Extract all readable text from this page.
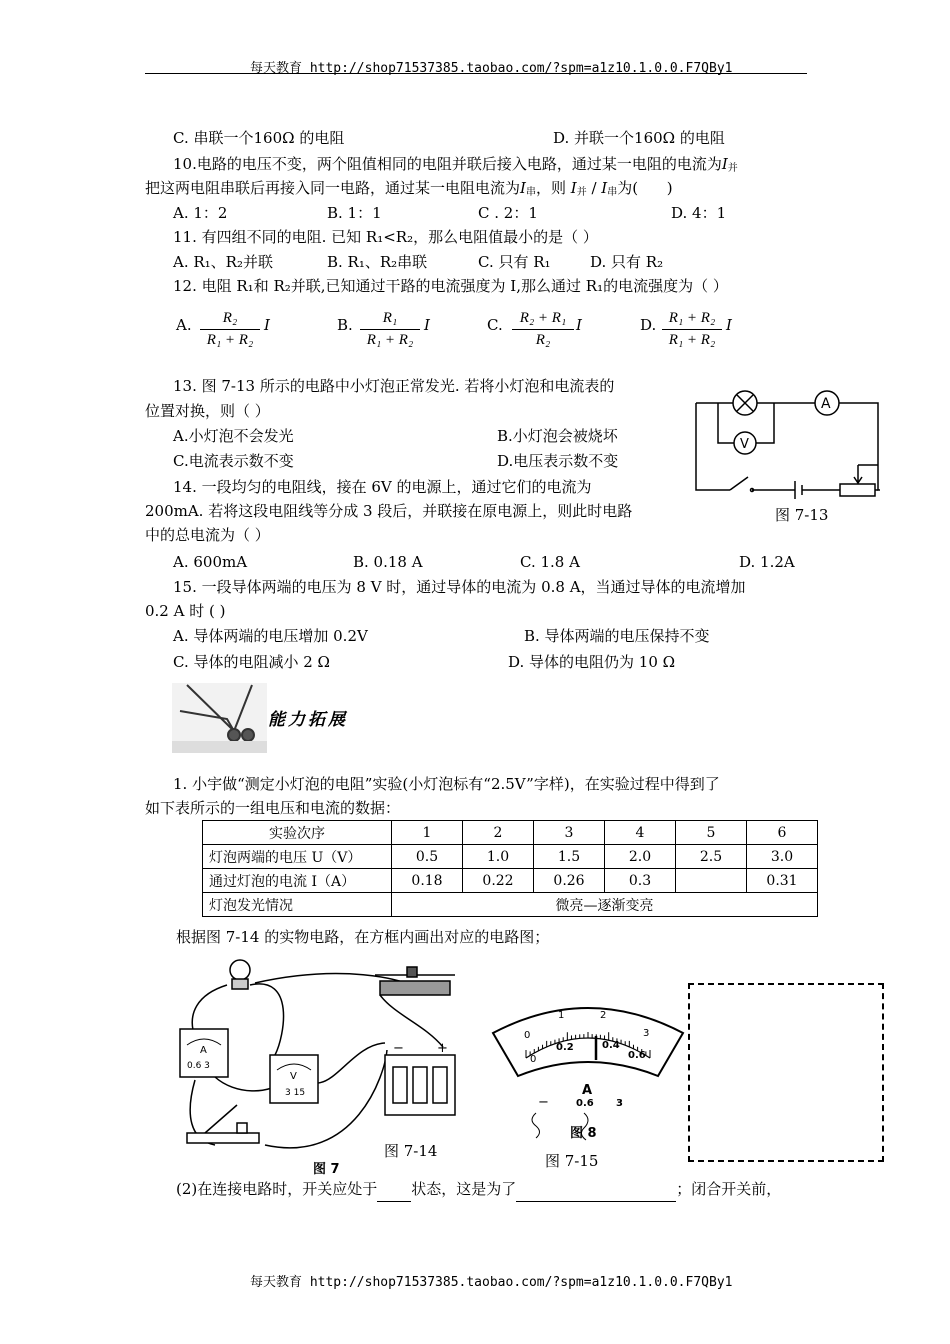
每天教育 http://shop71537385.taobao.com/?spm=a1z10.1.0.0.F7QBy1
C. 串联一个160Ω 的电阻	D. 并联一个160Ω 的电阻
10.电路的电压不变，两个阻值相同的电阻并联后接入电路，通过某一电阻的电流为$I_并$
把这两电阻串联后再接入同一电路，通过某一电阻电流为$I_串$，则 $I_并 / I_串$为( )
A. 1：2	B. 1：1	C . 2：1	D. 4：1
11. 有四组不同的电阻. 已知 R₁<R₂，那么电阻值最小的是（ ）
A. R₁、R₂并联	B. R₁、R₂串联	C. 只有 R₁	D. 只有 R₂
12. 电阻 R₁和 R₂并联,已知通过干路的电流强度为 I,那么通过 R₁的电流强度为（ ）
A.	R₂
R₁ + R₂
I	B.	R₁
R₁ + R₂
I	C.	R₂ + R₁
R₂
I	D. R₁ + R₂
R₁ + R₂
I
13. 图 7-13 所示的电路中小灯泡正常发光. 若将小灯泡和电流表的
位置对换，则（ ）
A.小灯泡不会发光	B.小灯泡会被烧坏
C.电流表示数不变	D.电压表示数不变
A
V
图 7-13
14. 一段均匀的电阻线，接在 6V 的电源上，通过它们的电流为
200mA. 若将这段电阻线等分成 3 段后，并联接在原电源上，则此时电路
中的总电流为（ ）
A. 600mA	B. 0.18 A	C. 1.8 A	D. 1.2A
15. 一段导体两端的电压为 8 V 时，通过导体的电流为 0.8 A，当通过导体的电流增加
0.2 A 时 ( )
A. 导体两端的电压增加 0.2V	B. 导体两端的电压保持不变
C. 导体的电阻减小 2 Ω	D. 导体的电阻仍为 10 Ω
能力拓展
1. 小宇做“测定小灯泡的电阻”实验(小灯泡标有“2.5V”字样)，在实验过程中得到了
如下表所示的一组电压和电流的数据：
实验次序	1	2	3	4	5	6
灯泡两端的电压 U（V）	0.5	1.0	1.5	2.0	2.5	3.0
通过灯泡的电流 I（A）	0.18	0.22	0.26	0.3		0.31
灯泡发光情况	微亮—逐渐变亮					
根据图 7-14 的实物电路，在方框内画出对应的电路图；
A
0.6 3
V
3 15
−	+
图 7-14
图 7
0
1	2
3
0
0.2	0.4
0.6
A
−	0.6 3
图 8
图 7-15
(2)在连接电路时，开关应处于 状态，这是为了	；闭合开关前，
每天教育 http://shop71537385.taobao.com/?spm=a1z10.1.0.0.F7QBy1
